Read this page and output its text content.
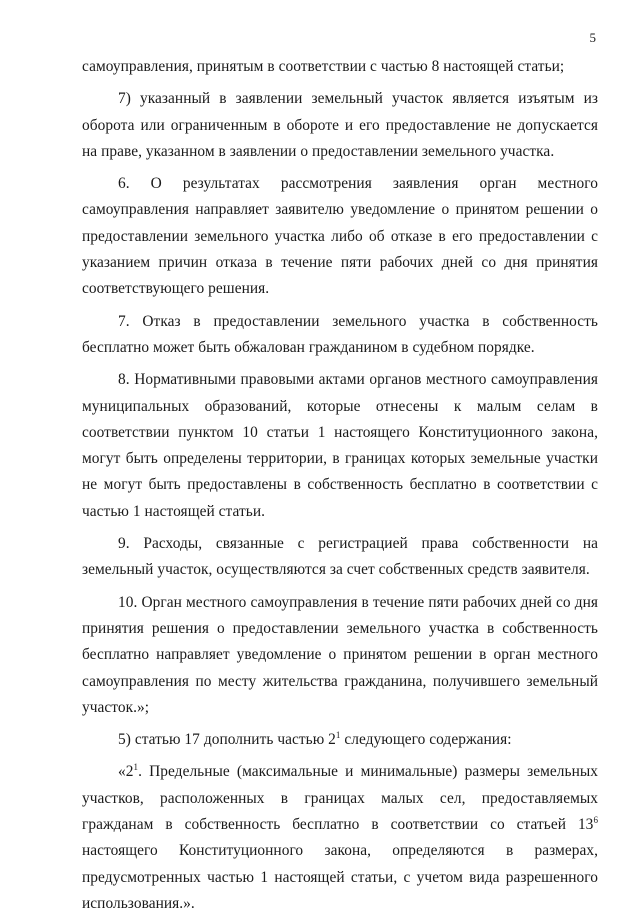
5

самоуправления, принятым в соответствии с частью 8 настоящей статьи;

7) указанный в заявлении земельный участок является изъятым из оборота или ограниченным в обороте и его предоставление не допускается на праве, указанном в заявлении о предоставлении земельного участка.

6. О результатах рассмотрения заявления орган местного самоуправления направляет заявителю уведомление о принятом решении о предоставлении земельного участка либо об отказе в его предоставлении с указанием причин отказа в течение пяти рабочих дней со дня принятия соответствующего решения.

7. Отказ в предоставлении земельного участка в собственность бесплатно может быть обжалован гражданином в судебном порядке.

8. Нормативными правовыми актами органов местного самоуправления муниципальных образований, которые отнесены к малым селам в соответствии пунктом 10 статьи 1 настоящего Конституционного закона, могут быть определены территории, в границах которых земельные участки не могут быть предоставлены в собственность бесплатно в соответствии с частью 1 настоящей статьи.

9. Расходы, связанные с регистрацией права собственности на земельный участок, осуществляются за счет собственных средств заявителя.

10. Орган местного самоуправления в течение пяти рабочих дней со дня принятия решения о предоставлении земельного участка в собственность бесплатно направляет уведомление о принятом решении в орган местного самоуправления по месту жительства гражданина, получившего земельный участок.»;

5) статью 17 дополнить частью $2^1$ следующего содержания:

«$2^1$. Предельные (максимальные и минимальные) размеры земельных участков, расположенных в границах малых сел, предоставляемых гражданам в собственность бесплатно в соответствии со статьей $13^6$ настоящего Конституционного закона, определяются в размерах, предусмотренных частью 1 настоящей статьи, с учетом вида разрешенного использования.».
